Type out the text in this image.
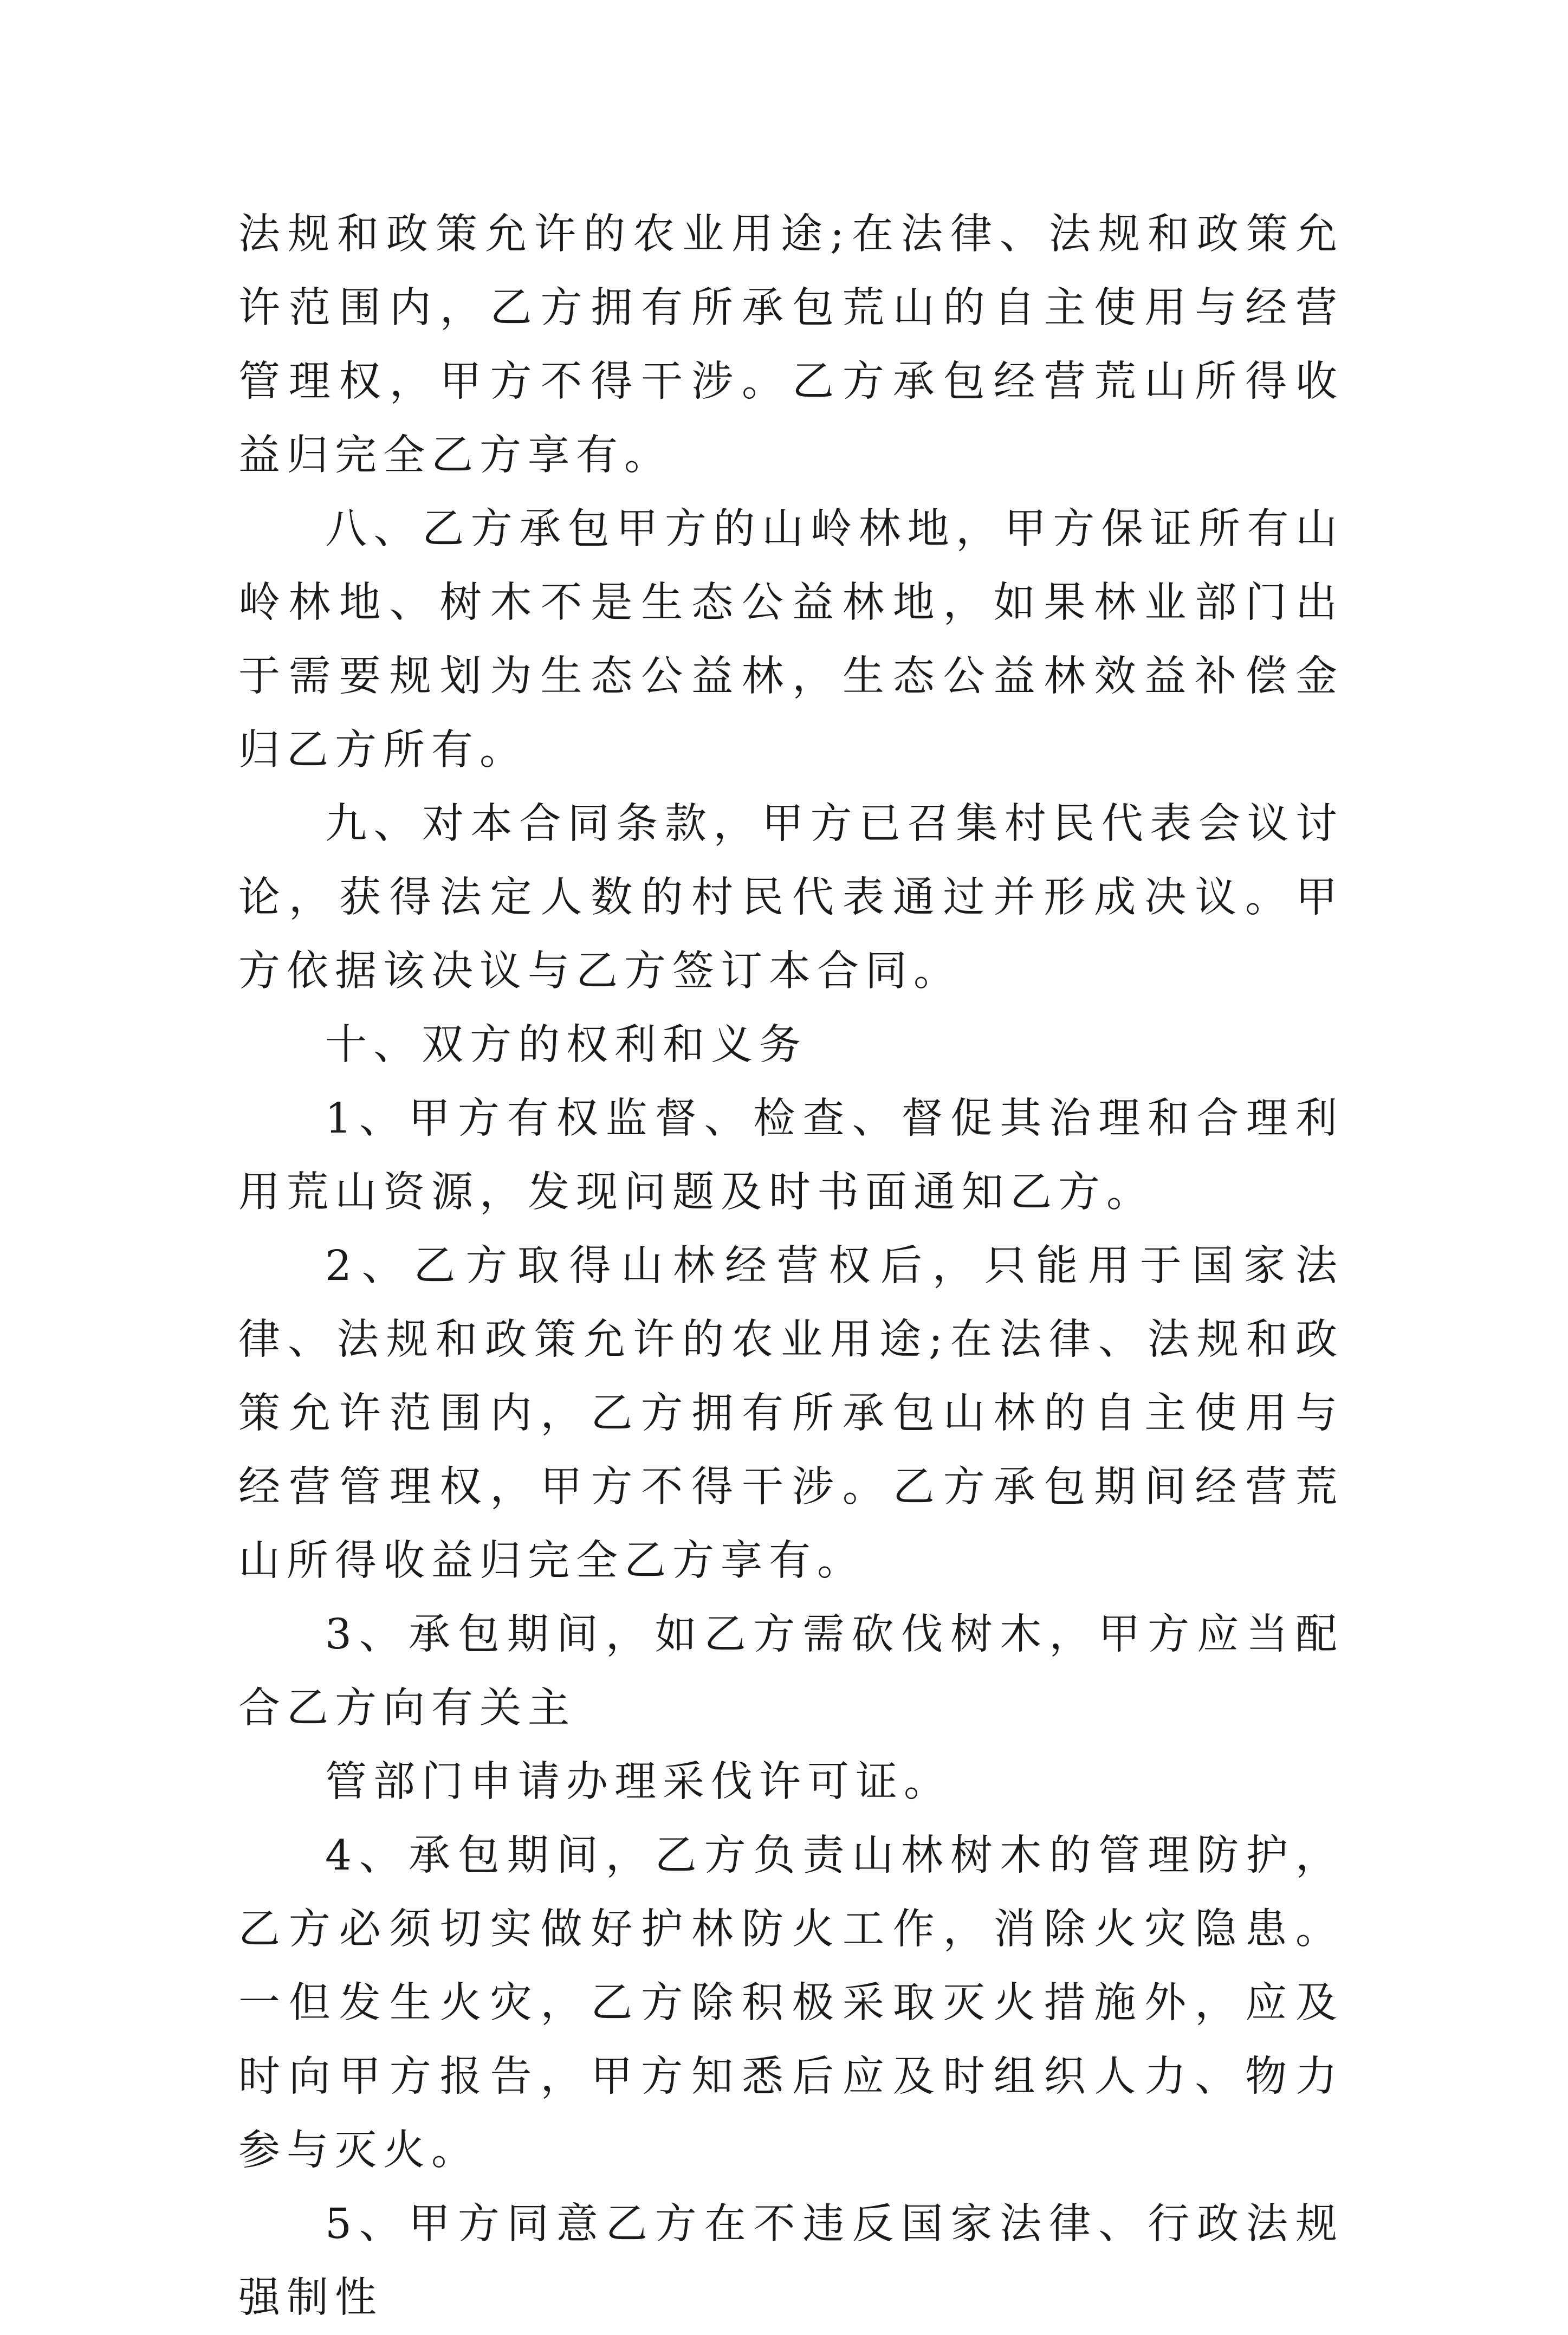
法规和政策允许的农业用途;在法律、法规和政策允许范围内，乙方拥有所承包荒山的自主使用与经营管理权，甲方不得干涉。乙方承包经营荒山所得收益归完全乙方享有。

八、乙方承包甲方的山岭林地，甲方保证所有山岭林地、树木不是生态公益林地，如果林业部门出于需要规划为生态公益林，生态公益林效益补偿金归乙方所有。

九、对本合同条款，甲方已召集村民代表会议讨论，获得法定人数的村民代表通过并形成决议。甲方依据该决议与乙方签订本合同。

十、双方的权利和义务

1、甲方有权监督、检查、督促其治理和合理利用荒山资源，发现问题及时书面通知乙方。

2、乙方取得山林经营权后，只能用于国家法律、法规和政策允许的农业用途;在法律、法规和政策允许范围内，乙方拥有所承包山林的自主使用与经营管理权，甲方不得干涉。乙方承包期间经营荒山所得收益归完全乙方享有。

3、承包期间，如乙方需砍伐树木，甲方应当配合乙方向有关主

管部门申请办理采伐许可证。

4、承包期间，乙方负责山林树木的管理防护，乙方必须切实做好护林防火工作，消除火灾隐患。一但发生火灾，乙方除积极采取灭火措施外，应及时向甲方报告，甲方知悉后应及时组织人力、物力参与灭火。

5、甲方同意乙方在不违反国家法律、行政法规强制性
